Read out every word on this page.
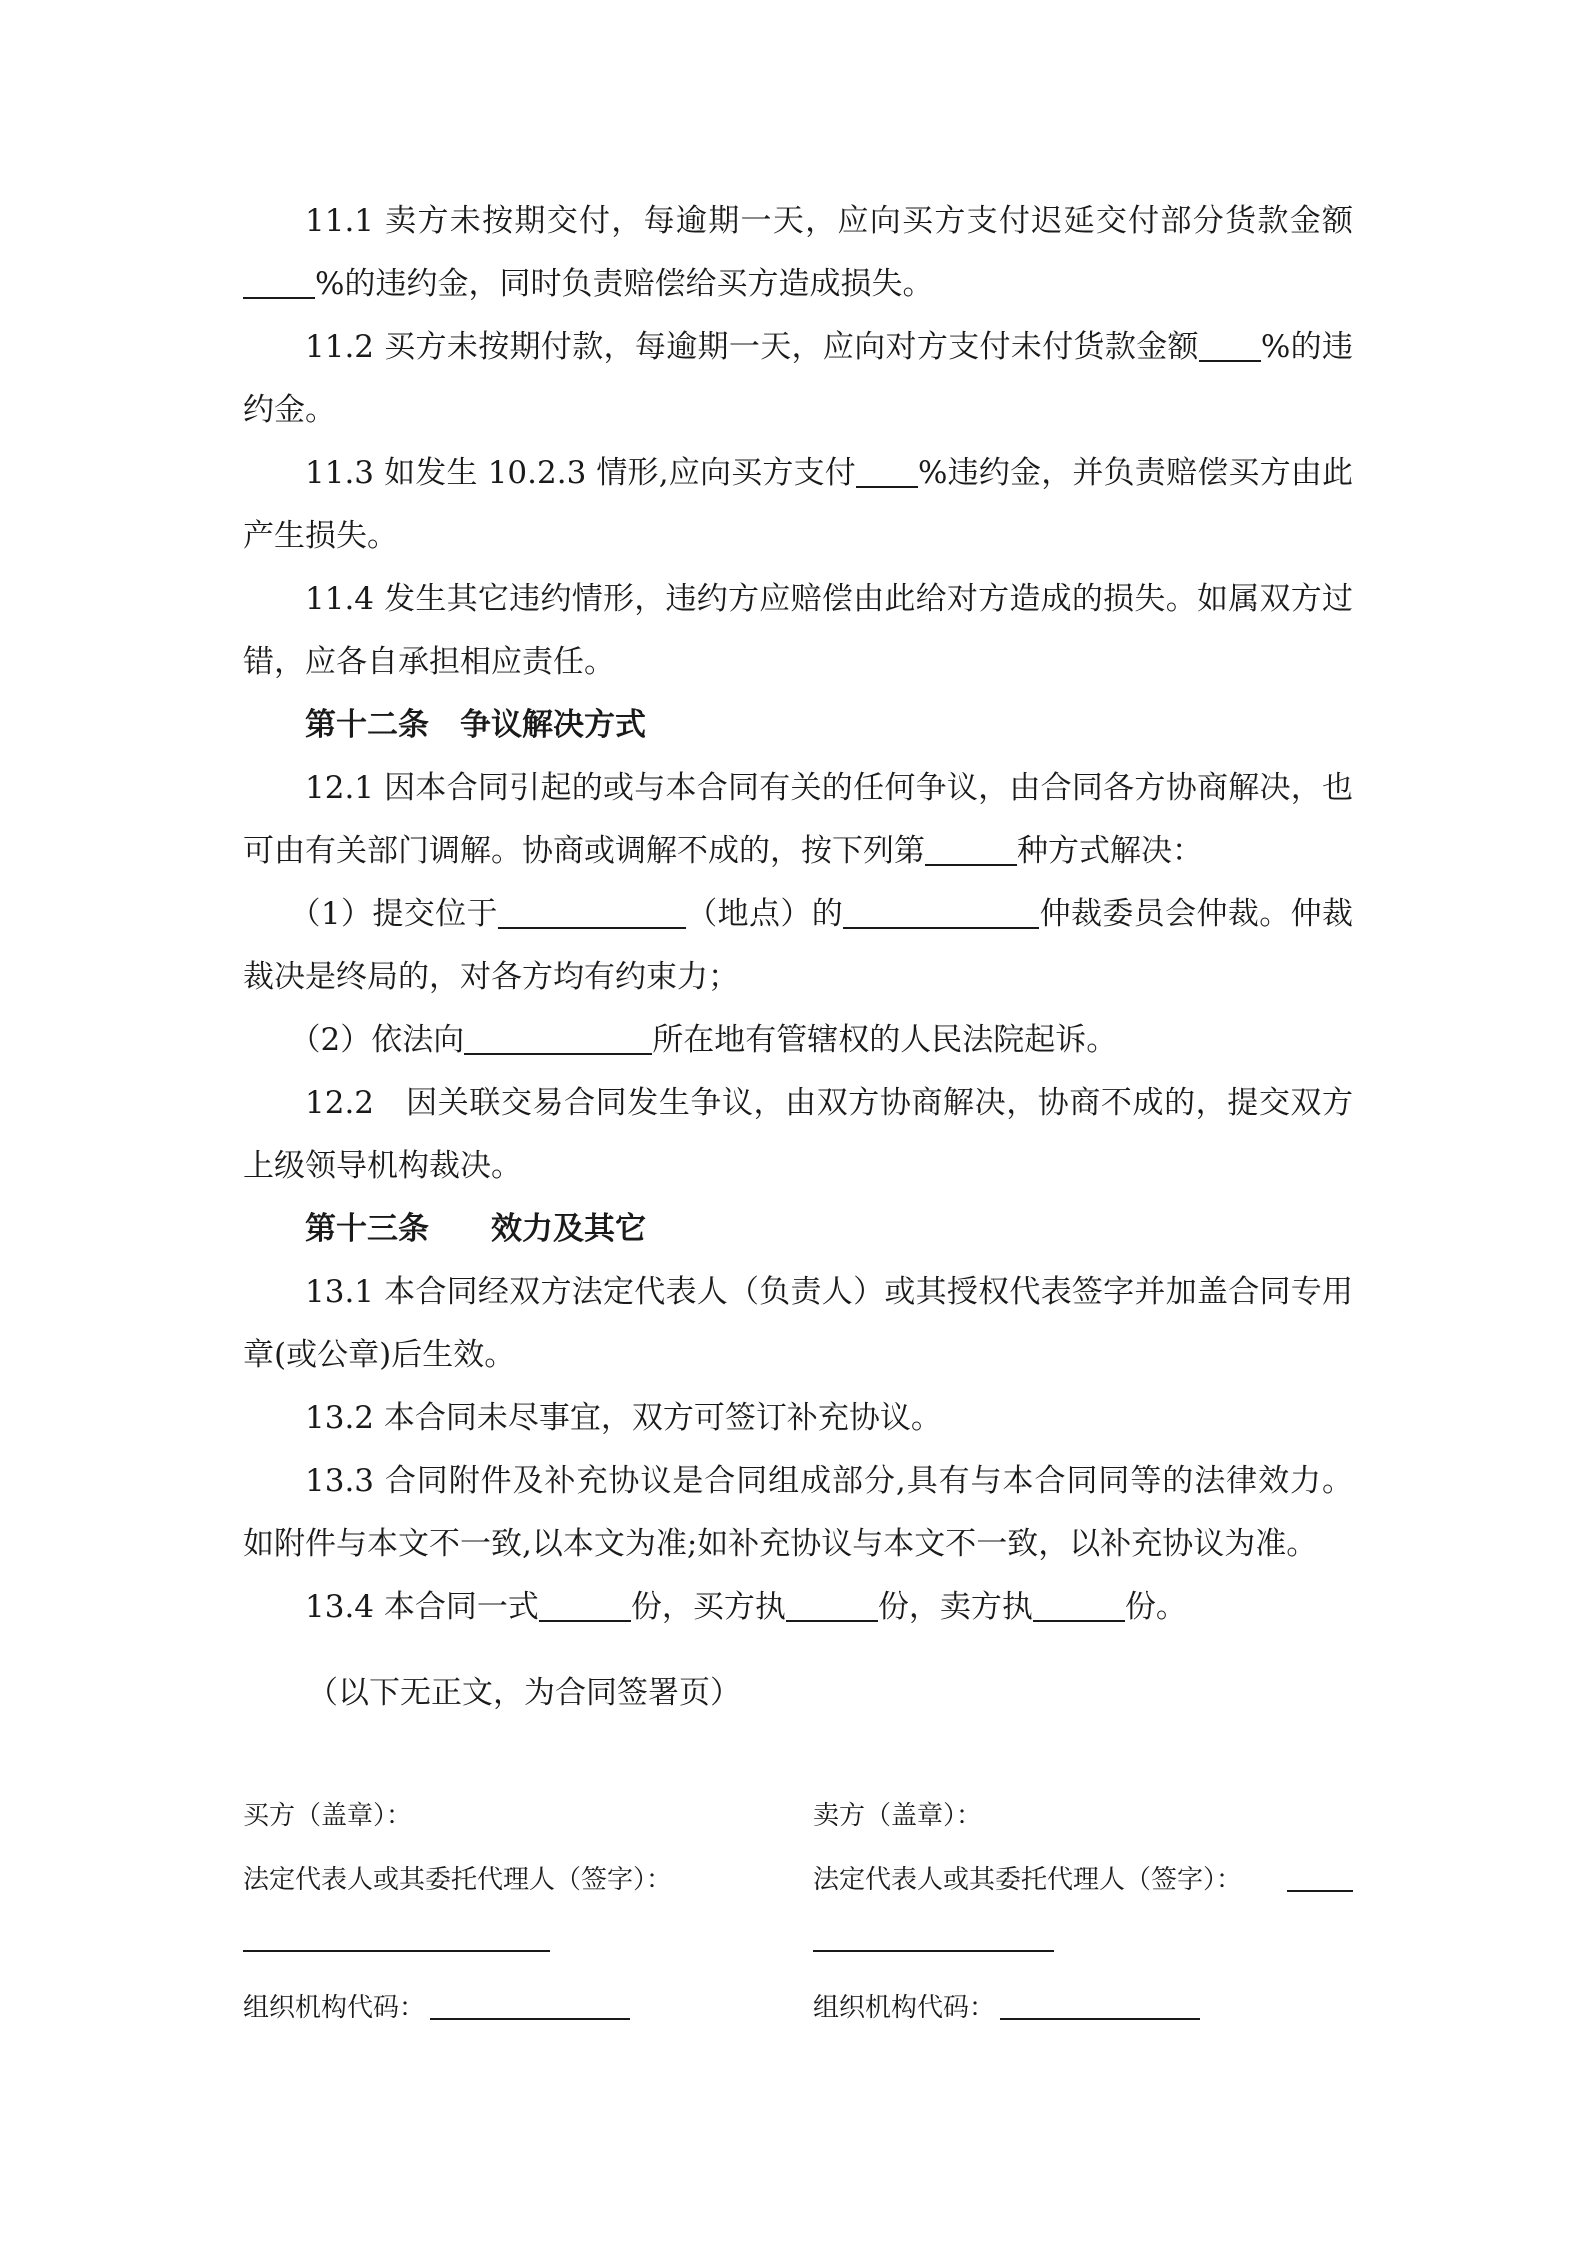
11.1 卖方未按期交付，每逾期一天，应向买方支付迟延交付部分货款金额%的违约金，同时负责赔偿给买方造成损失。

11.2 买方未按期付款，每逾期一天，应向对方支付未付货款金额 %的违约金。

11.3 如发生 10.2.3 情形,应向买方支付 %违约金，并负责赔偿买方由此产生损失。

11.4 发生其它违约情形，违约方应赔偿由此给对方造成的损失。如属双方过错，应各自承担相应责任。

第十二条　争议解决方式

12.1 因本合同引起的或与本合同有关的任何争议，由合同各方协商解决，也可由有关部门调解。协商或调解不成的，按下列第	种方式解决：

（1）提交位于	（地点）的	仲裁委员会仲裁。仲裁裁决是终局的，对各方均有约束力；

（2）依法向	所在地有管辖权的人民法院起诉。

12.2　因关联交易合同发生争议，由双方协商解决，协商不成的，提交双方上级领导机构裁决。

第十三条　　效力及其它

13.1 本合同经双方法定代表人（负责人）或其授权代表签字并加盖合同专用章(或公章)后生效。

13.2 本合同未尽事宜，双方可签订补充协议。

13.3 合同附件及补充协议是合同组成部分,具有与本合同同等的法律效力。如附件与本文不一致,以本文为准;如补充协议与本文不一致，以补充协议为准。

13.4 本合同一式	份，买方执	份，卖方执	份。

（以下无正文，为合同签署页）

买方（盖章）：	卖方（盖章）：
法定代表人或其委托代理人（签字）：	法定代表人或其委托代理人（签字）：
组织机构代码：	组织机构代码：
